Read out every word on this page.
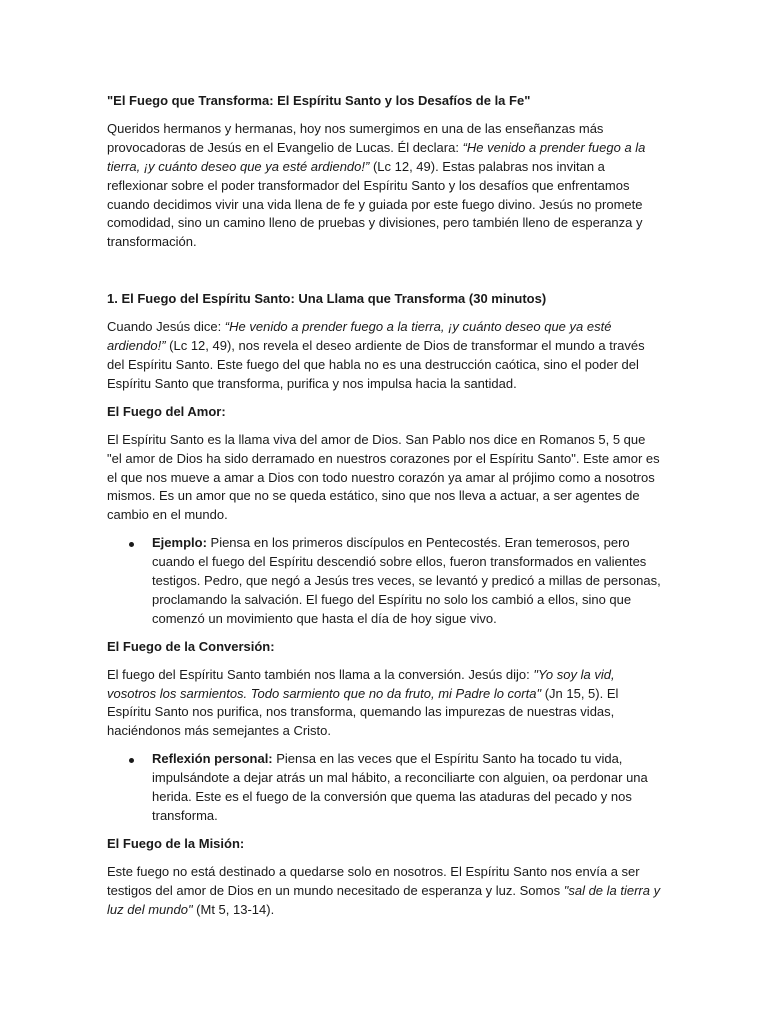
"El Fuego que Transforma: El Espíritu Santo y los Desafíos de la Fe"

Queridos hermanos y hermanas, hoy nos sumergimos en una de las enseñanzas más provocadoras de Jesús en el Evangelio de Lucas. Él declara: “He venido a prender fuego a la tierra, ¡y cuánto deseo que ya esté ardiendo!” (Lc 12, 49). Estas palabras nos invitan a reflexionar sobre el poder transformador del Espíritu Santo y los desafíos que enfrentamos cuando decidimos vivir una vida llena de fe y guiada por este fuego divino. Jesús no promete comodidad, sino un camino lleno de pruebas y divisiones, pero también lleno de esperanza y transformación.

1. El Fuego del Espíritu Santo: Una Llama que Transforma (30 minutos)

Cuando Jesús dice: “He venido a prender fuego a la tierra, ¡y cuánto deseo que ya esté ardiendo!” (Lc 12, 49), nos revela el deseo ardiente de Dios de transformar el mundo a través del Espíritu Santo. Este fuego del que habla no es una destrucción caótica, sino el poder del Espíritu Santo que transforma, purifica y nos impulsa hacia la santidad.

El Fuego del Amor:

El Espíritu Santo es la llama viva del amor de Dios. San Pablo nos dice en Romanos 5, 5 que "el amor de Dios ha sido derramado en nuestros corazones por el Espíritu Santo". Este amor es el que nos mueve a amar a Dios con todo nuestro corazón ya amar al prójimo como a nosotros mismos. Es un amor que no se queda estático, sino que nos lleva a actuar, a ser agentes de cambio en el mundo.

Ejemplo: Piensa en los primeros discípulos en Pentecostés. Eran temerosos, pero cuando el fuego del Espíritu descendió sobre ellos, fueron transformados en valientes testigos. Pedro, que negó a Jesús tres veces, se levantó y predicó a millas de personas, proclamando la salvación. El fuego del Espíritu no solo los cambió a ellos, sino que comenzó un movimiento que hasta el día de hoy sigue vivo.

El Fuego de la Conversión:

El fuego del Espíritu Santo también nos llama a la conversión. Jesús dijo: "Yo soy la vid, vosotros los sarmientos. Todo sarmiento que no da fruto, mi Padre lo corta" (Jn 15, 5). El Espíritu Santo nos purifica, nos transforma, quemando las impurezas de nuestras vidas, haciéndonos más semejantes a Cristo.

Reflexión personal: Piensa en las veces que el Espíritu Santo ha tocado tu vida, impulsándote a dejar atrás un mal hábito, a reconciliarte con alguien, oa perdonar una herida. Este es el fuego de la conversión que quema las ataduras del pecado y nos transforma.

El Fuego de la Misión:

Este fuego no está destinado a quedarse solo en nosotros. El Espíritu Santo nos envía a ser testigos del amor de Dios en un mundo necesitado de esperanza y luz. Somos "sal de la tierra y luz del mundo" (Mt 5, 13-14).
